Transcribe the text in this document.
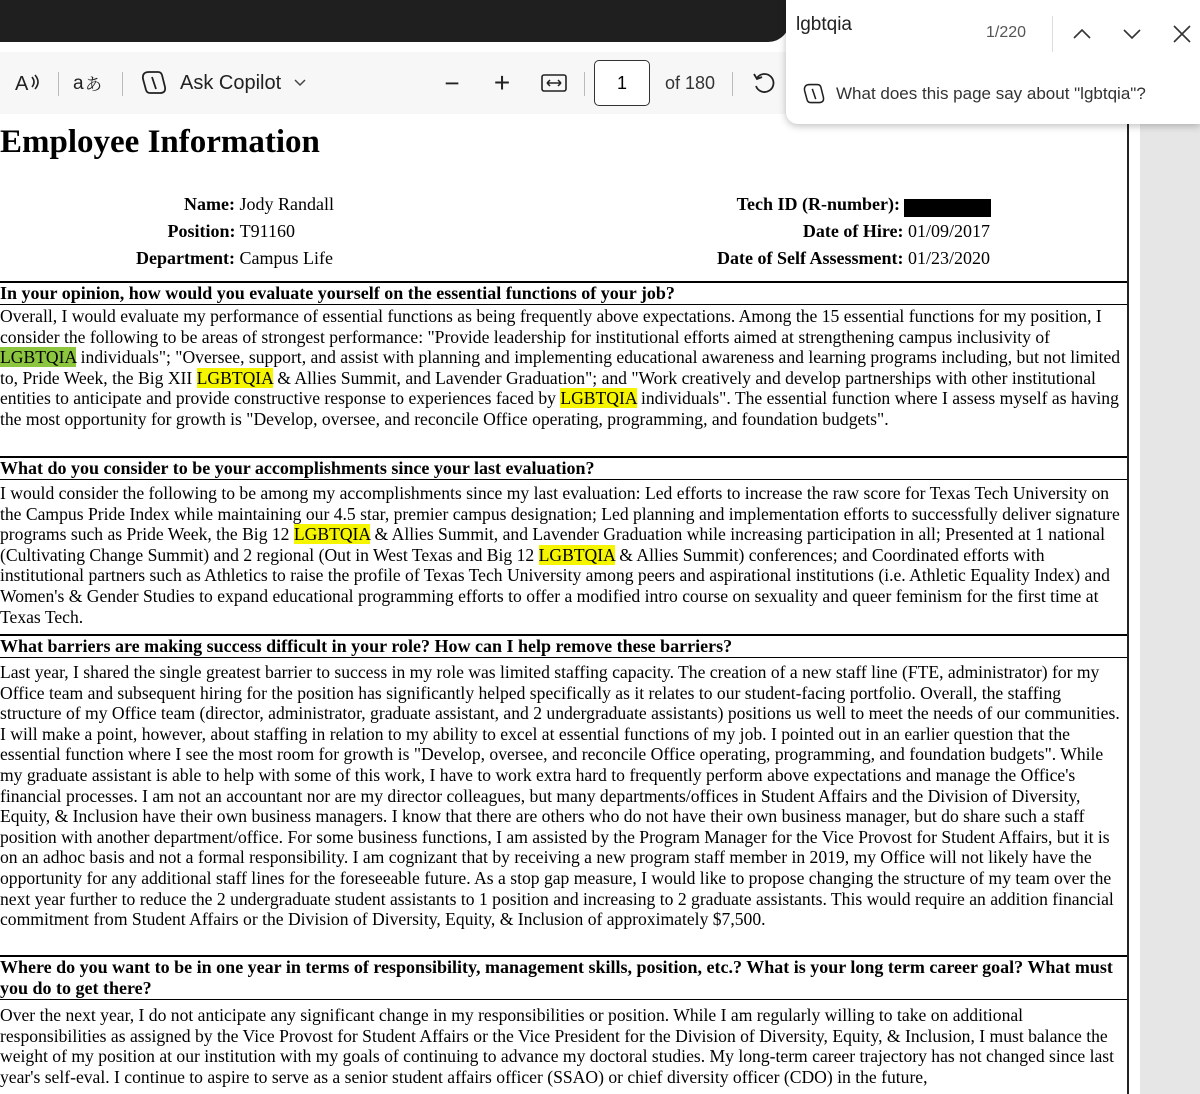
A a あ	Ask Copilot	− +
1	of 180
Employee Information
Name: Jody Randall
Position: T91160
Department: Campus Life
Tech ID (R-number):
Date of Hire: 01/09/2017
Date of Self Assessment: 01/23/2020
In your opinion, how would you evaluate yourself on the essential functions of your job?
Overall, I would evaluate my performance of essential functions as being frequently above expectations. Among the 15 essential functions for my position, I consider the following to be areas of strongest performance: "Provide leadership for institutional efforts aimed at strengthening campus inclusivity of LGBTQIA individuals"; "Oversee, support, and assist with planning and implementing educational awareness and learning programs including, but not limited to, Pride Week, the Big XII LGBTQIA & Allies Summit, and Lavender Graduation"; and "Work creatively and develop partnerships with other institutional entities to anticipate and provide constructive response to experiences faced by LGBTQIA individuals". The essential function where I assess myself as having the most opportunity for growth is "Develop, oversee, and reconcile Office operating, programming, and foundation budgets".
What do you consider to be your accomplishments since your last evaluation?
I would consider the following to be among my accomplishments since my last evaluation: Led efforts to increase the raw score for Texas Tech University on the Campus Pride Index while maintaining our 4.5 star, premier campus designation; Led planning and implementation efforts to successfully deliver signature programs such as Pride Week, the Big 12 LGBTQIA & Allies Summit, and Lavender Graduation while increasing participation in all; Presented at 1 national (Cultivating Change Summit) and 2 regional (Out in West Texas and Big 12 LGBTQIA & Allies Summit) conferences; and Coordinated efforts with institutional partners such as Athletics to raise the profile of Texas Tech University among peers and aspirational institutions (i.e. Athletic Equality Index) and Women's & Gender Studies to expand educational programming efforts to offer a modified intro course on sexuality and queer feminism for the first time at Texas Tech.
What barriers are making success difficult in your role? How can I help remove these barriers?
Last year, I shared the single greatest barrier to success in my role was limited staffing capacity. The creation of a new staff line (FTE, administrator) for my Office team and subsequent hiring for the position has significantly helped specifically as it relates to our student-facing portfolio. Overall, the staffing structure of my Office team (director, administrator, graduate assistant, and 2 undergraduate assistants) positions us well to meet the needs of our communities. I will make a point, however, about staffing in relation to my ability to excel at essential functions of my job. I pointed out in an earlier question that the essential function where I see the most room for growth is "Develop, oversee, and reconcile Office operating, programming, and foundation budgets". While my graduate assistant is able to help with some of this work, I have to work extra hard to frequently perform above expectations and manage the Office's financial processes. I am not an accountant nor are my director colleagues, but many departments/offices in Student Affairs and the Division of Diversity, Equity, & Inclusion have their own business managers. I know that there are others who do not have their own business manager, but do share such a staff position with another department/office. For some business functions, I am assisted by the Program Manager for the Vice Provost for Student Affairs, but it is on an adhoc basis and not a formal responsibility. I am cognizant that by receiving a new program staff member in 2019, my Office will not likely have the opportunity for any additional staff lines for the foreseeable future. As a stop gap measure, I would like to propose changing the structure of my team over the next year further to reduce the 2 undergraduate student assistants to 1 position and increasing to 2 graduate assistants. This would require an addition financial commitment from Student Affairs or the Division of Diversity, Equity, & Inclusion of approximately $7,500.
Where do you want to be in one year in terms of responsibility, management skills, position, etc.? What is your long term career goal? What must you do to get there?
Over the next year, I do not anticipate any significant change in my responsibilities or position. While I am regularly willing to take on additional responsibilities as assigned by the Vice Provost for Student Affairs or the Vice President for the Division of Diversity, Equity, & Inclusion, I must balance the weight of my position at our institution with my goals of continuing to advance my doctoral studies. My long-term career trajectory has not changed since last year's self-eval. I continue to aspire to serve as a senior student affairs officer (SSAO) or chief diversity officer (CDO) in the future,
lgbtqia	1/220
What does this page say about "lgbtqia"?
